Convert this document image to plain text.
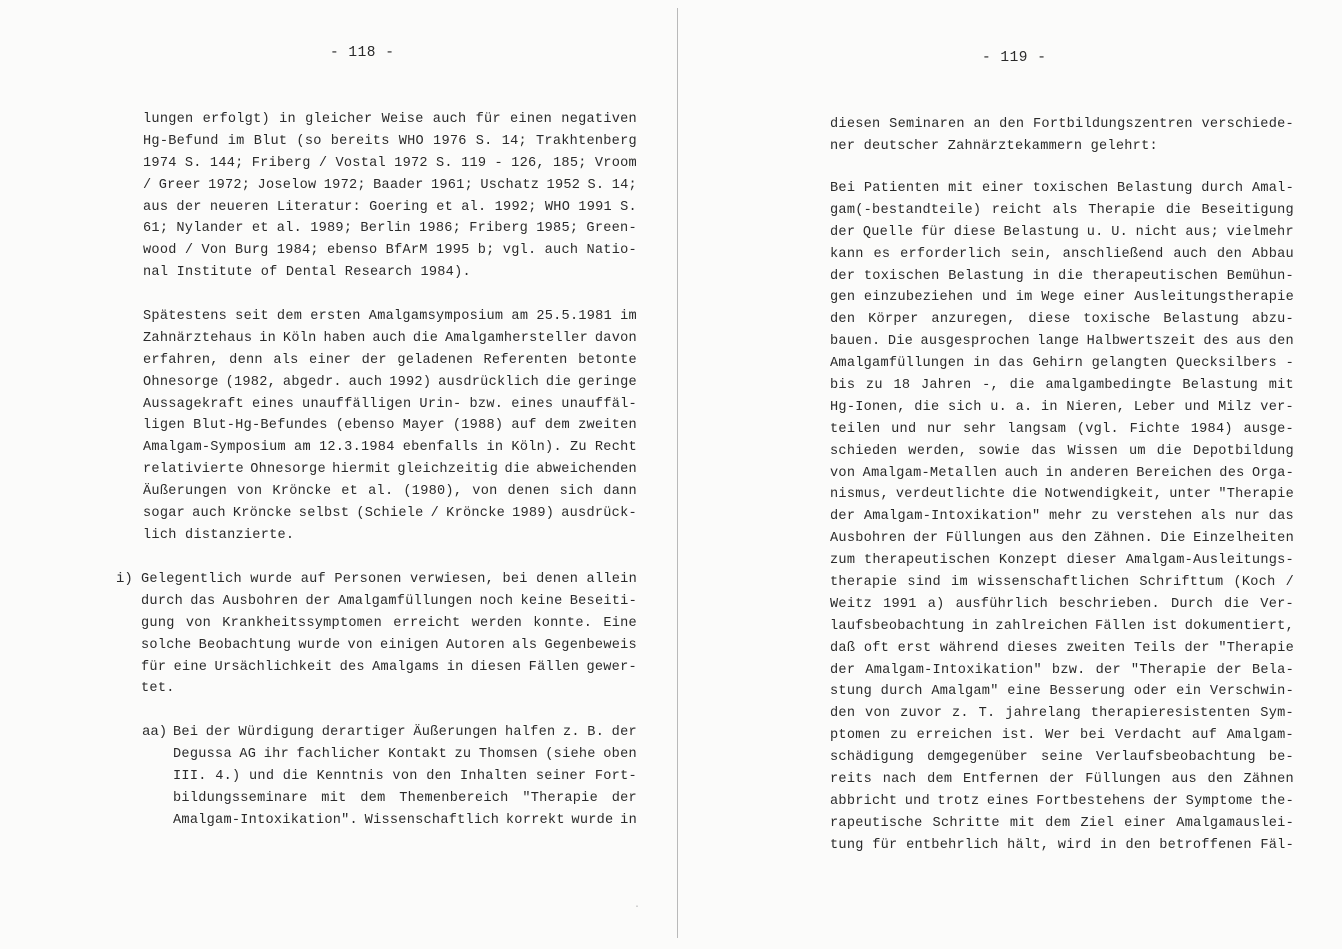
- 118 -
lungen erfolgt) in gleicher Weise auch für einen negativen
Hg-Befund im Blut (so bereits WHO 1976 S. 14; Trakhtenberg
1974 S. 144; Friberg / Vostal 1972 S. 119 - 126, 185; Vroom
/ Greer 1972; Joselow 1972; Baader 1961; Uschatz 1952 S. 14;
aus der neueren Literatur: Goering et al. 1992; WHO 1991 S.
61; Nylander et al. 1989; Berlin 1986; Friberg 1985; Green-
wood / Von Burg 1984; ebenso BfArM 1995 b; vgl. auch Natio-
nal Institute of Dental Research 1984).
Spätestens seit dem ersten Amalgamsymposium am 25.5.1981 im
Zahnärztehaus in Köln haben auch die Amalgamhersteller davon
erfahren, denn als einer der geladenen Referenten betonte
Ohnesorge (1982, abgedr. auch 1992) ausdrücklich die geringe
Aussagekraft eines unauffälligen Urin- bzw. eines unauffäl-
ligen Blut-Hg-Befundes (ebenso Mayer (1988) auf dem zweiten
Amalgam-Symposium am 12.3.1984 ebenfalls in Köln). Zu Recht
relativierte Ohnesorge hiermit gleichzeitig die abweichenden
Äußerungen von Kröncke et al. (1980), von denen sich dann
sogar auch Kröncke selbst (Schiele / Kröncke 1989) ausdrück-
lich distanzierte.
i) Gelegentlich wurde auf Personen verwiesen, bei denen allein
durch das Ausbohren der Amalgamfüllungen noch keine Beseiti-
gung von Krankheitssymptomen erreicht werden konnte. Eine
solche Beobachtung wurde von einigen Autoren als Gegenbeweis
für eine Ursächlichkeit des Amalgams in diesen Fällen gewer-
tet.
aa) Bei der Würdigung derartiger Äußerungen halfen z. B. der
Degussa AG ihr fachlicher Kontakt zu Thomsen (siehe oben
III. 4.) und die Kenntnis von den Inhalten seiner Fort-
bildungsseminare mit dem Themenbereich "Therapie der
Amalgam-Intoxikation". Wissenschaftlich korrekt wurde in
·
- 119 -
diesen Seminaren an den Fortbildungszentren verschiede-
ner deutscher Zahnärztekammern gelehrt:
Bei Patienten mit einer toxischen Belastung durch Amal-
gam(-bestandteile) reicht als Therapie die Beseitigung
der Quelle für diese Belastung u. U. nicht aus; vielmehr
kann es erforderlich sein, anschließend auch den Abbau
der toxischen Belastung in die therapeutischen Bemühun-
gen einzubeziehen und im Wege einer Ausleitungstherapie
den Körper anzuregen, diese toxische Belastung abzu-
bauen. Die ausgesprochen lange Halbwertszeit des aus den
Amalgamfüllungen in das Gehirn gelangten Quecksilbers -
bis zu 18 Jahren -, die amalgambedingte Belastung mit
Hg-Ionen, die sich u. a. in Nieren, Leber und Milz ver-
teilen und nur sehr langsam (vgl. Fichte 1984) ausge-
schieden werden, sowie das Wissen um die Depotbildung
von Amalgam-Metallen auch in anderen Bereichen des Orga-
nismus, verdeutlichte die Notwendigkeit, unter "Therapie
der Amalgam-Intoxikation" mehr zu verstehen als nur das
Ausbohren der Füllungen aus den Zähnen. Die Einzelheiten
zum therapeutischen Konzept dieser Amalgam-Ausleitungs-
therapie sind im wissenschaftlichen Schrifttum (Koch /
Weitz 1991 a) ausführlich beschrieben. Durch die Ver-
laufsbeobachtung in zahlreichen Fällen ist dokumentiert,
daß oft erst während dieses zweiten Teils der "Therapie
der Amalgam-Intoxikation" bzw. der "Therapie der Bela-
stung durch Amalgam" eine Besserung oder ein Verschwin-
den von zuvor z. T. jahrelang therapieresistenten Sym-
ptomen zu erreichen ist. Wer bei Verdacht auf Amalgam-
schädigung demgegenüber seine Verlaufsbeobachtung be-
reits nach dem Entfernen der Füllungen aus den Zähnen
abbricht und trotz eines Fortbestehens der Symptome the-
rapeutische Schritte mit dem Ziel einer Amalgamauslei-
tung für entbehrlich hält, wird in den betroffenen Fäl-
